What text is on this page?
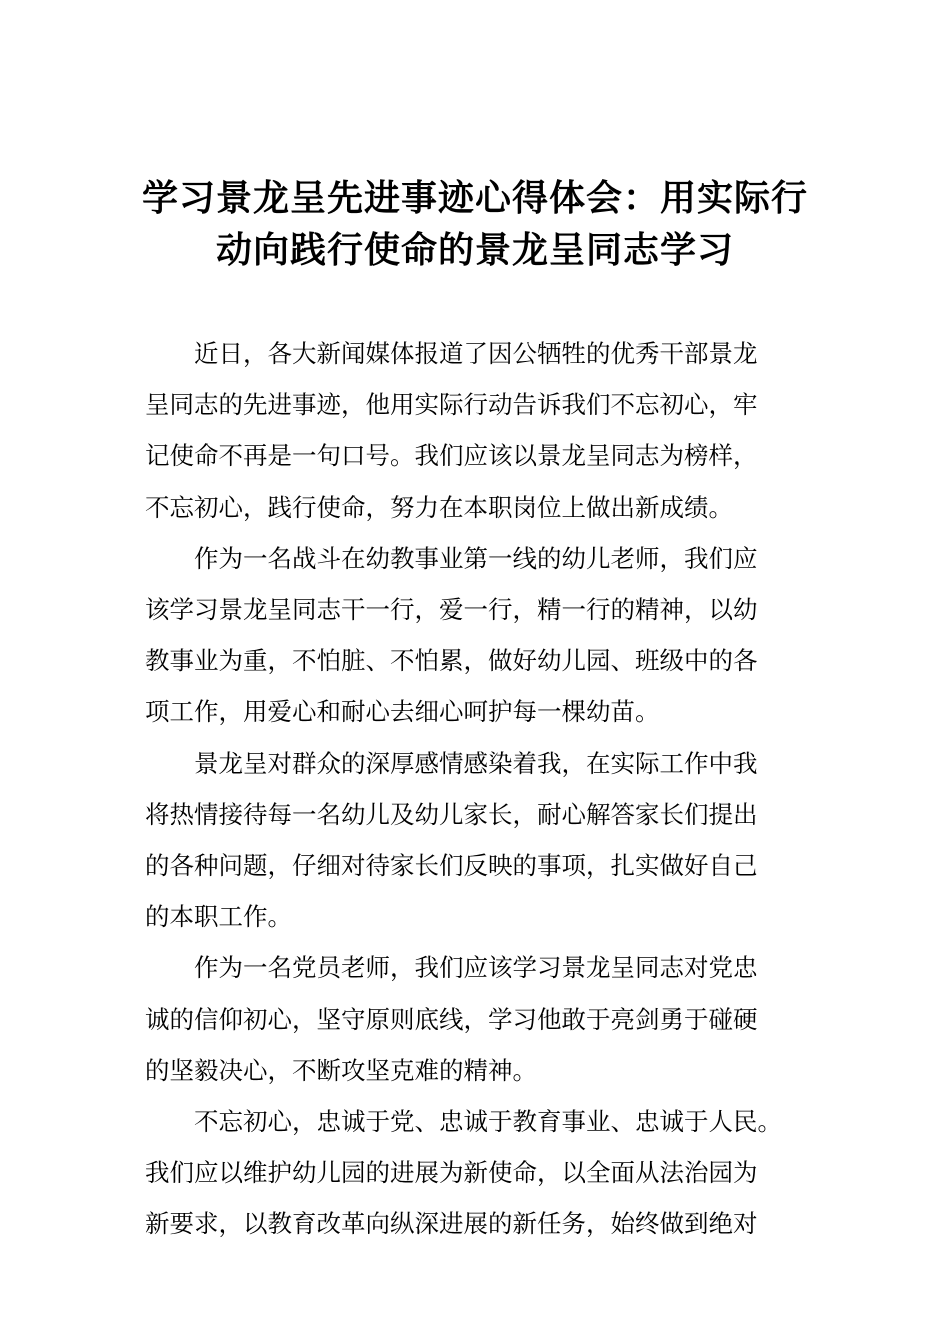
学习景龙呈先进事迹心得体会：用实际行
动向践行使命的景龙呈同志学习

近日，各大新闻媒体报道了因公牺牲的优秀干部景龙
呈同志的先进事迹，他用实际行动告诉我们不忘初心，牢
记使命不再是一句口号。我们应该以景龙呈同志为榜样，
不忘初心，践行使命，努力在本职岗位上做出新成绩。

作为一名战斗在幼教事业第一线的幼儿老师，我们应
该学习景龙呈同志干一行，爱一行，精一行的精神，以幼
教事业为重，不怕脏、不怕累，做好幼儿园、班级中的各
项工作，用爱心和耐心去细心呵护每一棵幼苗。

景龙呈对群众的深厚感情感染着我，在实际工作中我
将热情接待每一名幼儿及幼儿家长，耐心解答家长们提出
的各种问题，仔细对待家长们反映的事项，扎实做好自己
的本职工作。

作为一名党员老师，我们应该学习景龙呈同志对党忠
诚的信仰初心，坚守原则底线，学习他敢于亮剑勇于碰硬
的坚毅决心，不断攻坚克难的精神。

不忘初心，忠诚于党、忠诚于教育事业、忠诚于人民。
我们应以维护幼儿园的进展为新使命，以全面从法治园为
新要求，以教育改革向纵深进展的新任务，始终做到绝对
